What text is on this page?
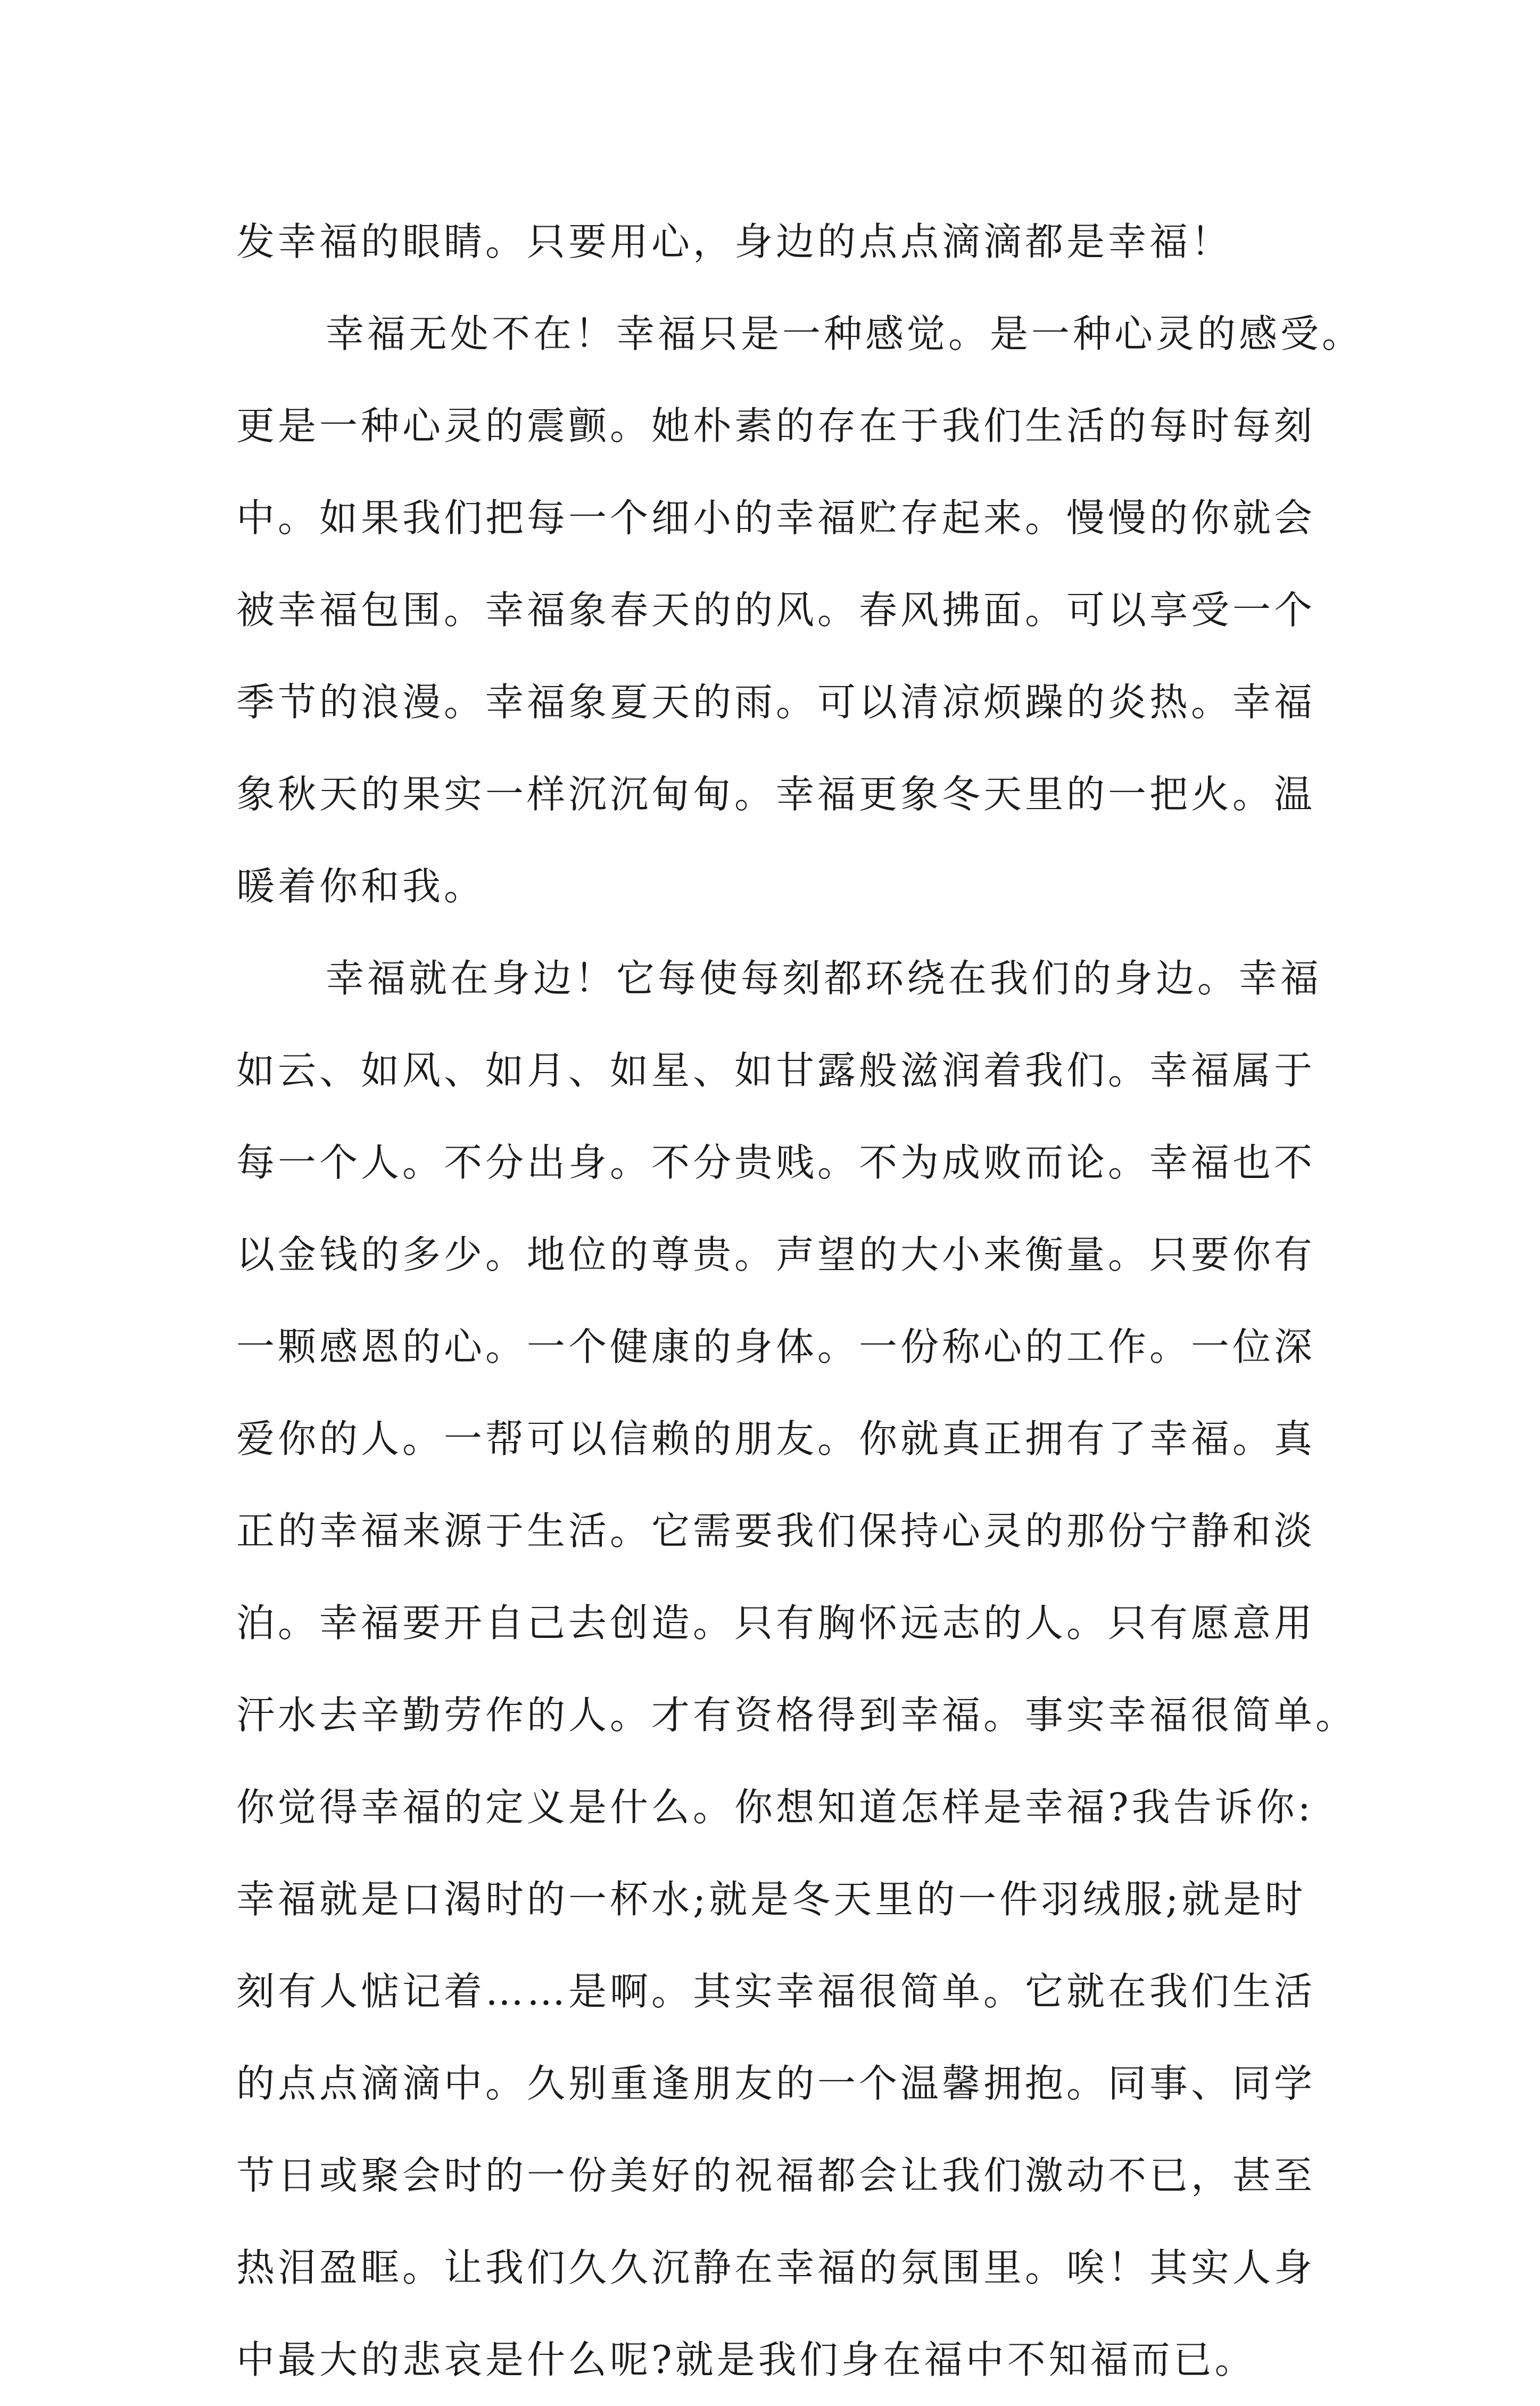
发幸福的眼睛。只要用心，身边的点点滴滴都是幸福！
幸福无处不在！幸福只是一种感觉。是一种心灵的感受。
更是一种心灵的震颤。她朴素的存在于我们生活的每时每刻
中。如果我们把每一个细小的幸福贮存起来。慢慢的你就会
被幸福包围。幸福象春天的的风。春风拂面。可以享受一个
季节的浪漫。幸福象夏天的雨。可以清凉烦躁的炎热。幸福
象秋天的果实一样沉沉甸甸。幸福更象冬天里的一把火。温
暖着你和我。
幸福就在身边！它每使每刻都环绕在我们的身边。幸福
如云、如风、如月、如星、如甘露般滋润着我们。幸福属于
每一个人。不分出身。不分贵贱。不为成败而论。幸福也不
以金钱的多少。地位的尊贵。声望的大小来衡量。只要你有
一颗感恩的心。一个健康的身体。一份称心的工作。一位深
爱你的人。一帮可以信赖的朋友。你就真正拥有了幸福。真
正的幸福来源于生活。它需要我们保持心灵的那份宁静和淡
泊。幸福要开自己去创造。只有胸怀远志的人。只有愿意用
汗水去辛勤劳作的人。才有资格得到幸福。事实幸福很简单。
你觉得幸福的定义是什么。你想知道怎样是幸福?我告诉你:
幸福就是口渴时的一杯水;就是冬天里的一件羽绒服;就是时
刻有人惦记着……是啊。其实幸福很简单。它就在我们生活
的点点滴滴中。久别重逢朋友的一个温馨拥抱。同事、同学
节日或聚会时的一份美好的祝福都会让我们激动不已，甚至
热泪盈眶。让我们久久沉静在幸福的氛围里。唉！其实人身
中最大的悲哀是什么呢?就是我们身在福中不知福而已。
